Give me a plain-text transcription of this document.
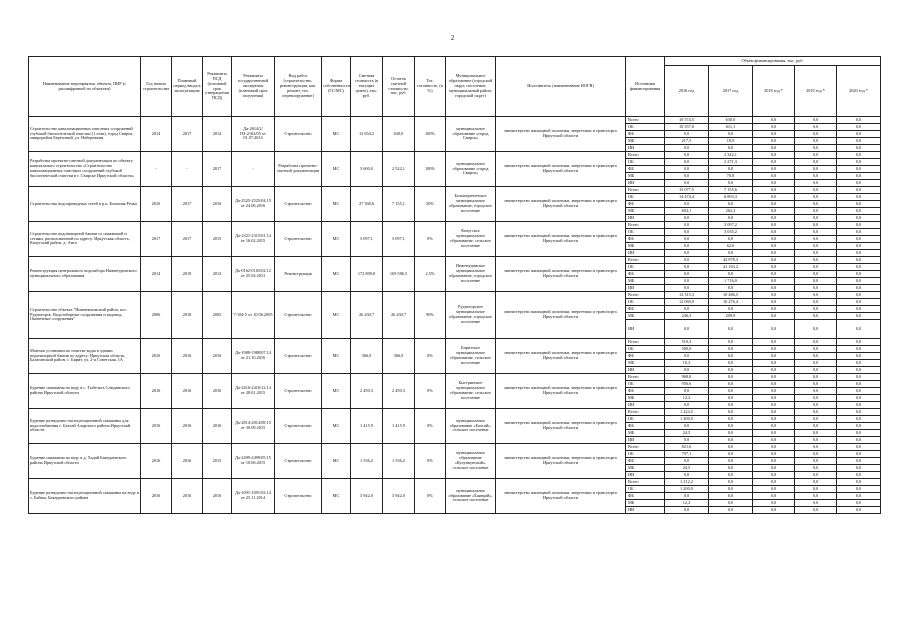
2
Наименование мероприятия, объекта, ПИР (с расшифровкой по объектам)	Год начала строительства	Плановый период ввода в эксплуатацию	Реквизиты ПСД (основной срок утверждения ПСД)	Реквизиты государственной экспертизы (плановый срок получения)	Вид работ (строительство, реконструкция, кап. ремонт, тех. перевооружение)	Форма собственности (ГС/МС)	Сметная стоимость (в текущих ценах), тыс. руб.	Остаток сметной стоимости, тыс. руб.	Тех. готовность, (в %)	Муниципальное образование (городской округ, поселение, муниципальный район, городской округ)	Исполнитель (наименование ИОГВ)	Источники финансирования	Объем финансирования, тыс. руб.				
													2016 год	2017 год	2018 год *	2019 год *	2020 год *
Строительство канализационных очистных сооружений глубокой биологической очистки (1 этап), город Свирск, микрорайон Берёзовый, ул. Набережная	2014	2017	2014	Да-2614/2/ПЗ-2162/05 от 01.07.2014	Строительство	МС	13 654,2	630,0	100%	муниципальное образование «город Свирск»	министерство жилищной политики, энергетики и транспорта Иркутской области	Всего	10 574,5	630,0	0,0	0,0	0,0
												ОБ	10 357,0	611,1	0,0	0,0	0,0
												ФБ	0,0	0,0	0,0	0,0	0,0
												МБ	217,5	18,9	0,0	0,0	0,0
												ИИ	0,0	0,0	0,0	0,0	0,0
Разработка проектно-сметной документации по объекту капитального строительства «Строительство канализационных очистных сооружений глубокой биологической очистки в г. Свирске Иркутской области»	-	-	2017	-	Разработка проектно-сметной документации	МС	3 600,0	2 522,1	100%	муниципальное образование «город Свирск»	министерство жилищной политики, энергетики и транспорта Иркутской области	Всего	0,0	2 342,1	0,0	0,0	0,0
												ОБ	0,0	2 271,3	0,0	0,0	0,0
												ФБ	0,0	0,0	0,0	0,0	0,0
												МБ	0,0	70,8	0,0	0,0	0,0
												ИИ	0,0	0,0	0,0	0,0	0,0
Строительство водопроводных сетей в р.п. Большая Речка	2016	2017	2016	Да-2525-2525/04.15 от 24.06.2016	Строительство	МС	27 568,6	7 155,1	50%	Большереченское муниципальное образование, городское поселение	министерство жилищной политики, энергетики и транспорта Иркутской области	Всего	15 077,5	7 155,6	0,0	0,0	0,0
												ОБ	14 474,4	6 893,3	0,0	0,0	0,0
												ФБ	0,0	0,0	0,0	0,0	0,0
												МБ	603,1	262,3	0,0	0,0	0,0
												ИИ	0,0	0,0	0,0	0,0	0,0
Строительство водонапорной башни со скважиной и сетями, расположенной по адресу: Иркутская область, Качугский район, д. Анга	2017	2017	2015	Да-2321-2315/01.14 от 16.02.2015	Строительство	МС	3 097,1	3 097,1	0%	Качугское муниципальное образование, сельское поселение	министерство жилищной политики, энергетики и транспорта Иркутской области	Всего	0,0	3 097,2	0,0	0,0	0,0
												ОБ	0,0	3 035,2	0,0	0,0	0,0
												ФБ	0,0	0,0	0,0	0,0	0,0
												МБ	0,0	62,0	0,0	0,0	0,0
												ИИ	0,0	0,0	0,0	0,0	0,0
Реконструкция центрального водозабора Нижнеудинского муниципального образования	2014	2019	2013	Да-0162-0165/02.12 от 25.04.2013	Реконструкция	МС	172 809,8	169 586,5	2,5%	Нижнеудинское муниципальное образование, городское поселение	министерство жилищной политики, энергетики и транспорта Иркутской области	Всего	0,0	42 878,3	0,0	0,0	0,0
												ОБ	0,0	41 163,2	0,0	0,0	0,0
												ФБ	0,0	0,0	0,0	0,0	0,0
												МБ	0,0	1 716,0	0,0	0,0	0,0
												ИИ	0,0	0,0	0,0	0,0	0,0
Строительство объекта "Нижнеилимский район, пос. Рудногорск. Водозаборные сооружения и водовод. Оконечные сооружения"	2006	2018	2005	7-184-5 от 10.06.2005	Строительство	МС	26 430,7	26 430,7	90%	Рудногорское муниципальное образование, городское поселение	министерство жилищной политики, энергетики и транспорта Иркутской области	Всего	12 315,3	10 486,5	0,0	0,0	0,0
												ОБ	12 069,0	10 276,4	0,0	0,0	0,0
												ФБ	0,0	0,0	0,0	0,0	0,0
												МБ	246,3	209,9	0,0	0,0	0,0
												ИИ	0,0	0,0	0,0	0,0	0,0
Монтаж установки по очистке воды в здании водонапорной башни по адресу: Иркутская область, Балаганский район, с. Бирит, ул. 2-я Советская, 1А	2016	2016	2016	Да-1988-1988/07.14 от 21.10.2016	Строительство	МС	366,9	366,9	0%	Биритское муниципальное образование, сельское поселение	министерство жилищной политики, энергетики и транспорта Иркутской области	Всего	510,3	0,0	0,0	0,0	0,0
												ОБ	500,0	0,0	0,0	0,0	0,0
												ФБ	0,0	0,0	0,0	0,0	0,0
												МБ	10,3	0,0	0,0	0,0	0,0
												ИИ	0,0	0,0	0,0	0,0	0,0
Бурение скважины на воду в с. Тыбельть Слюдянского района Иркутской области	2016	2016	2016	Да-2416-2416/12.14 от 28.01.2015	Строительство	МС	2 450,3	2 450,3	0%	Быстринское муниципальное образование, сельское поселение	министерство жилищной политики, энергетики и транспорта Иркутской области	Всего	968,8	0,0	0,0	0,0	0,0
												ОБ	956,6	0,0	0,0	0,0	0,0
												ФБ	0,0	0,0	0,0	0,0	0,0
												МБ	12,2	0,0	0,0	0,0	0,0
												ИИ	0,0	0,0	0,0	0,0	0,0
Бурение разведочно-эксплуатационной скважины для водоснабжения с. Бахтай Аларского района Иркутской области	2016	2016	2016	Да-2814-2814/08.15 от 30.09.2015	Строительство	МС	1 415,9	1 415,9	0%	муниципальное образование «Бахтай», сельское поселение	министерство жилищной политики, энергетики и транспорта Иркутской области	Всего	1 224,5	0,0	0,0	0,0	0,0
												ОБ	1 200,0	0,0	0,0	0,0	0,0
												ФБ	0,0	0,0	0,0	0,0	0,0
												МБ	24,5	0,0	0,0	0,0	0,0
												ИИ	0,0	0,0	0,0	0,0	0,0
Бурение скважины на воду в д. Хадай Баяндаевского района Иркутской области	2016	2016	2015	Да-2499-2499/05.15 от 10.06.2015	Строительство	МС	1 536,2	1 536,2	0%	муниципальное образование «Кулункунский», сельское поселение	министерство жилищной политики, энергетики и транспорта Иркутской области	Всего	821,6	0,0	0,0	0,0	0,0
												ОБ	797,1	0,0	0,0	0,0	0,0
												ФБ	0,0	0,0	0,0	0,0	0,0
												МБ	24,5	0,0	0,0	0,0	0,0
												ИИ	0,0	0,0	0,0	0,0	0,0
Бурение разведочно-эксплуатационной скважины на воду в с. Байша, Баяндаевского района	2016	2016	2016	Да-1091-1091/03.14 от 25.11.2014	Строительство	МС	3 942,0	3 942,0	0%	муниципальное образование «Баяндай», сельское поселение	министерство жилищной политики, энергетики и транспорта Иркутской области	Всего	1 212,2	0,0	0,0	0,0	0,0
												ОБ	1 200,0	0,0	0,0	0,0	0,0
												ФБ	0,0	0,0	0,0	0,0	0,0
												МБ	12,2	0,0	0,0	0,0	0,0
												ИИ	0,0	0,0	0,0	0,0	0,0
